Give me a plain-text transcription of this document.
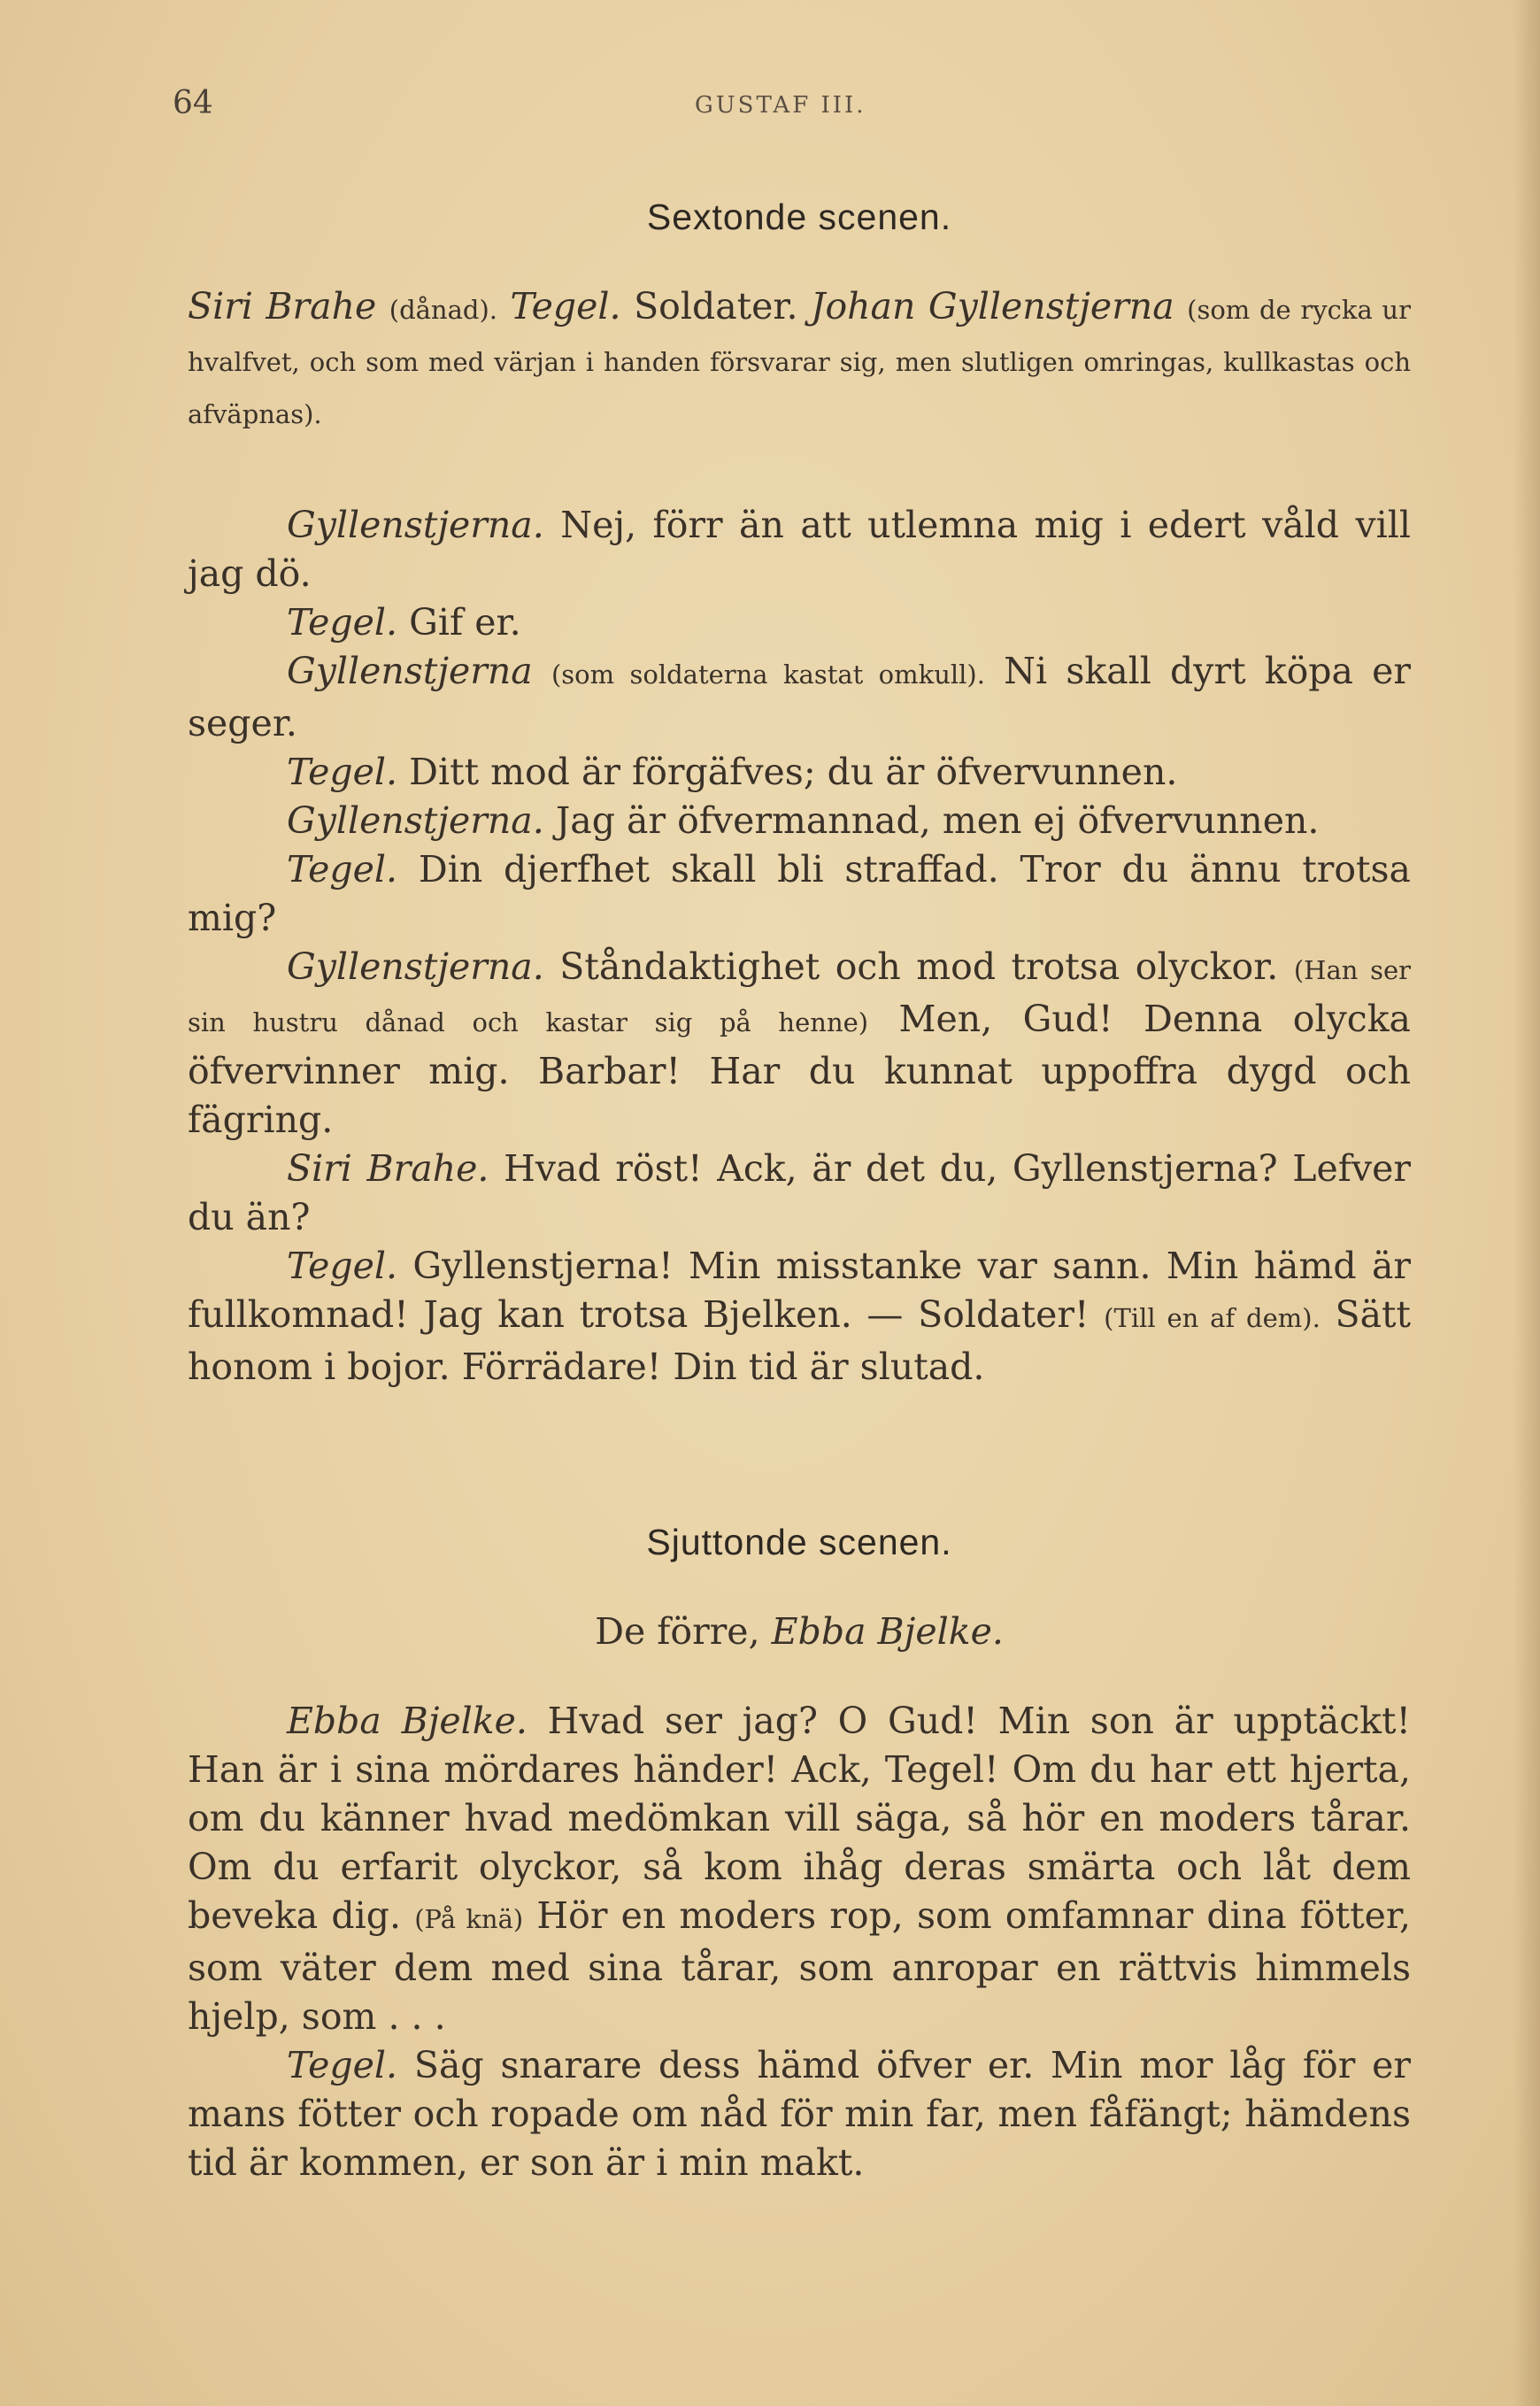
64	GUSTAF III.
Sextonde scenen.

Siri Brahe (dånad). Tegel. Soldater. Johan Gyllenstjerna (som de rycka ur hvalfvet, och som med värjan i handen försvarar sig, men slutligen omringas, kullkastas och afväpnas).

Gyllenstjerna. Nej, förr än att utlemna mig i edert våld vill jag dö.

Tegel. Gif er.

Gyllenstjerna (som soldaterna kastat omkull). Ni skall dyrt köpa er seger.

Tegel. Ditt mod är förgäfves; du är öfvervunnen.

Gyllenstjerna. Jag är öfvermannad, men ej öfvervunnen.

Tegel. Din djerfhet skall bli straffad. Tror du ännu trotsa mig?

Gyllenstjerna. Ståndaktighet och mod trotsa olyckor. (Han ser sin hustru dånad och kastar sig på henne) Men, Gud! Denna olycka öfvervinner mig. Barbar! Har du kunnat uppoffra dygd och fägring.

Siri Brahe. Hvad röst! Ack, är det du, Gyllenstjerna? Lefver du än?

Tegel. Gyllenstjerna! Min misstanke var sann. Min hämd är fullkomnad! Jag kan trotsa Bjelken. — Soldater! (Till en af dem). Sätt honom i bojor. Förrädare! Din tid är slutad.

Sjuttonde scenen.

De förre, Ebba Bjelke.

Ebba Bjelke. Hvad ser jag? O Gud! Min son är upptäckt! Han är i sina mördares händer! Ack, Tegel! Om du har ett hjerta, om du känner hvad medömkan vill säga, så hör en moders tårar. Om du erfarit olyckor, så kom ihåg deras smärta och låt dem beveka dig. (På knä) Hör en moders rop, som omfamnar dina fötter, som väter dem med sina tårar, som anropar en rättvis himmels hjelp, som . . .

Tegel. Säg snarare dess hämd öfver er. Min mor låg för er mans fötter och ropade om nåd för min far, men fåfängt; hämdens tid är kommen, er son är i min makt.
